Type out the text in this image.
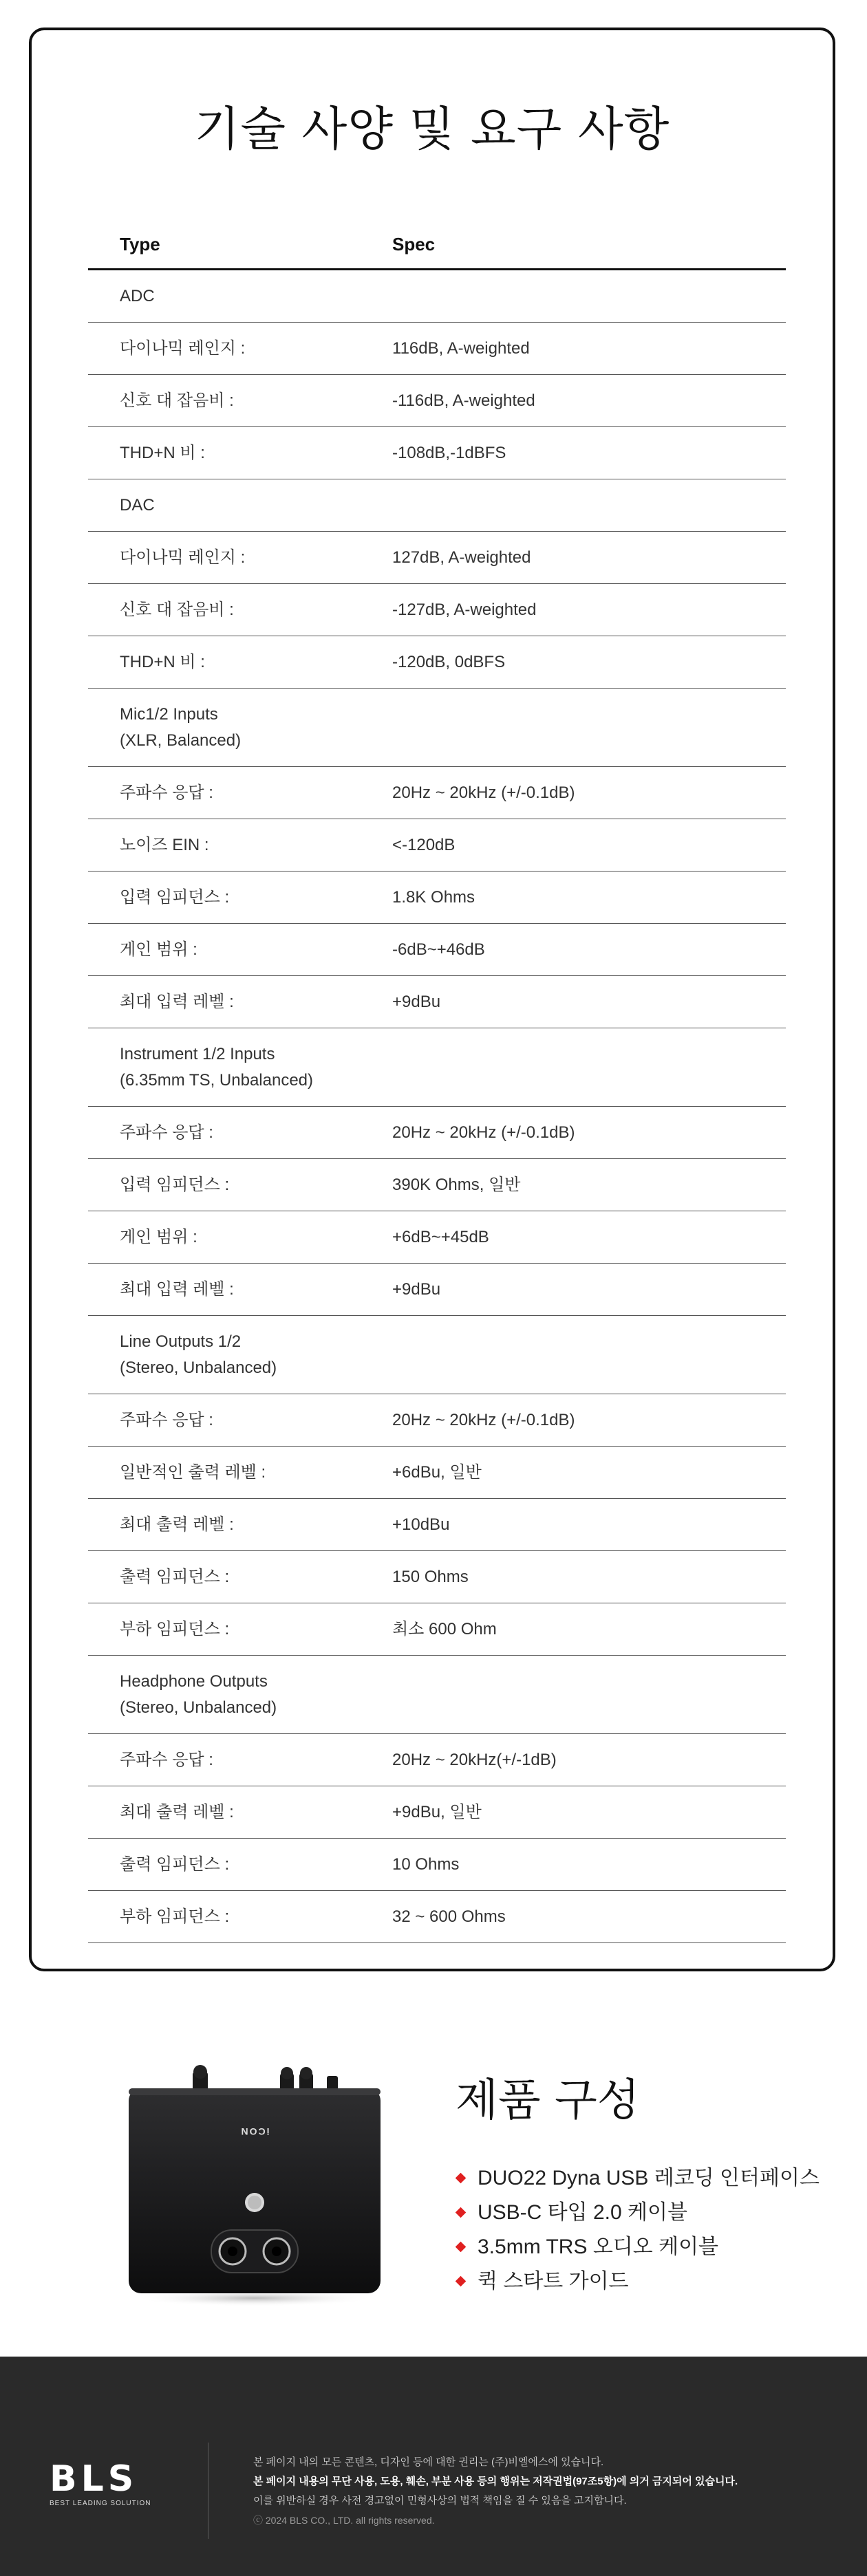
기술 사양 및 요구 사항
Type	Spec
ADC
다이나믹 레인지 :	116dB, A-weighted
신호 대 잡음비 :	-116dB, A-weighted
THD+N 비 :	-108dB,-1dBFS
DAC
다이나믹 레인지 :	127dB, A-weighted
신호 대 잡음비 :	-127dB, A-weighted
THD+N 비 :	-120dB, 0dBFS
Mic1/2 Inputs
(XLR, Balanced)
주파수 응답 :	20Hz ~ 20kHz (+/-0.1dB)
노이즈 EIN :	<-120dB
입력 임피던스 :	1.8K Ohms
게인 범위 :	-6dB~+46dB
최대 입력 레벨 :	+9dBu
Instrument 1/2 Inputs
(6.35mm TS, Unbalanced)
주파수 응답 :	20Hz ~ 20kHz (+/-0.1dB)
입력 임피던스 :	390K Ohms, 일반
게인 범위 :	+6dB~+45dB
최대 입력 레벨 :	+9dBu
Line Outputs 1/2
(Stereo, Unbalanced)
주파수 응답 :	20Hz ~ 20kHz (+/-0.1dB)
일반적인 출력 레벨 :	+6dBu, 일반
최대 출력 레벨 :	+10dBu
출력 임피던스 :	150 Ohms
부하 임피던스 :	최소 600 Ohm
Headphone Outputs
(Stereo, Unbalanced)
주파수 응답 :	20Hz ~ 20kHz(+/-1dB)
최대 출력 레벨 :	+9dBu, 일반
출력 임피던스 :	10 Ohms
부하 임피던스 :	32 ~ 600 Ohms
iCON
제품 구성
DUO22 Dyna USB 레코딩 인터페이스
USB-C 타입 2.0 케이블
3.5mm TRS 오디오 케이블
퀵 스타트 가이드
BLS
BEST LEADING SOLUTION
본 페이지 내의 모든 콘텐츠, 디자인 등에 대한 권리는 (주)비엘에스에 있습니다.
본 페이지 내용의 무단 사용, 도용, 훼손, 부분 사용 등의 행위는 저작권법(97조5항)에 의거 금지되어 있습니다.
이를 위반하실 경우 사전 경고없이 민형사상의 법적 책임을 질 수 있음을 고지합니다.
ⓒ 2024 BLS CO., LTD. all rights reserved.
